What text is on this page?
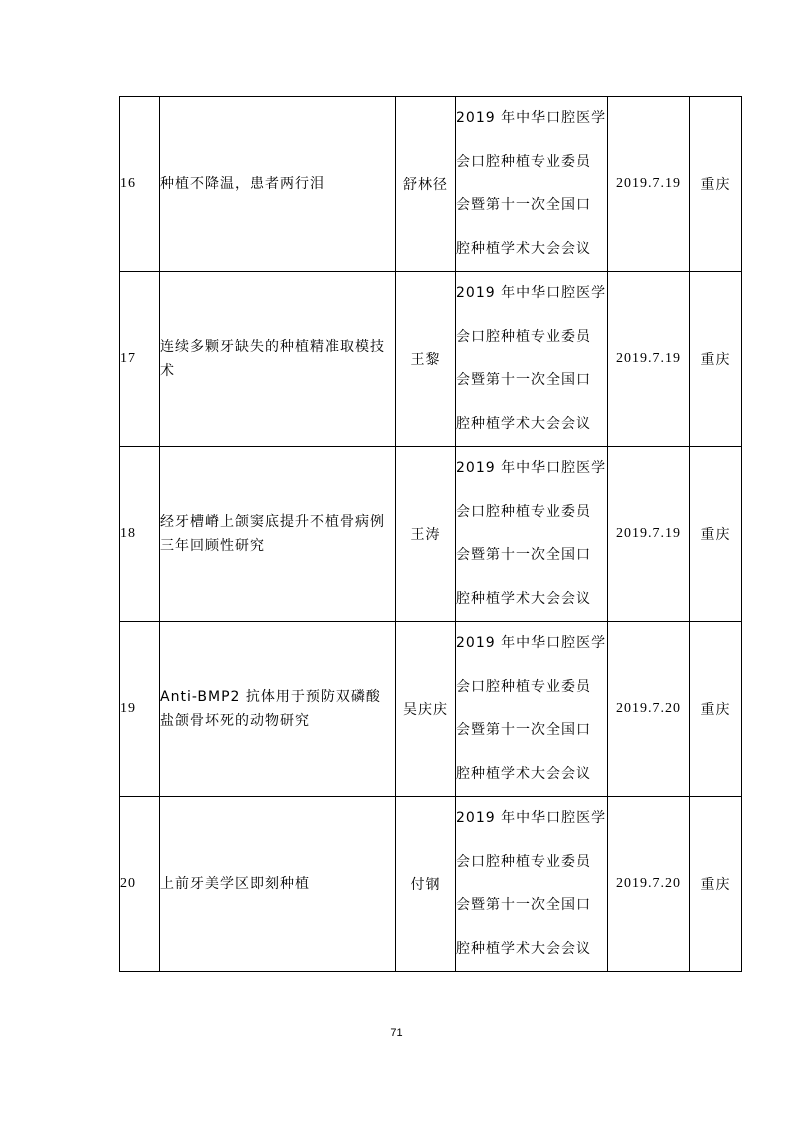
16	种植不降温，患者两行泪	舒林径	2019 年中华口腔医学
会口腔种植专业委员
会暨第十一次全国口
腔种植学术大会会议	2019.7.19	重庆
17	连续多颗牙缺失的种植精准取模技术	王黎	2019 年中华口腔医学
会口腔种植专业委员
会暨第十一次全国口
腔种植学术大会会议	2019.7.19	重庆
18	经牙槽嵴上颌窦底提升不植骨病例三年回顾性研究	王涛	2019 年中华口腔医学
会口腔种植专业委员
会暨第十一次全国口
腔种植学术大会会议	2019.7.19	重庆
19	Anti-BMP2 抗体用于预防双磷酸盐颌骨坏死的动物研究	吴庆庆	2019 年中华口腔医学
会口腔种植专业委员
会暨第十一次全国口
腔种植学术大会会议	2019.7.20	重庆
20	上前牙美学区即刻种植	付钢	2019 年中华口腔医学
会口腔种植专业委员
会暨第十一次全国口
腔种植学术大会会议	2019.7.20	重庆
71
